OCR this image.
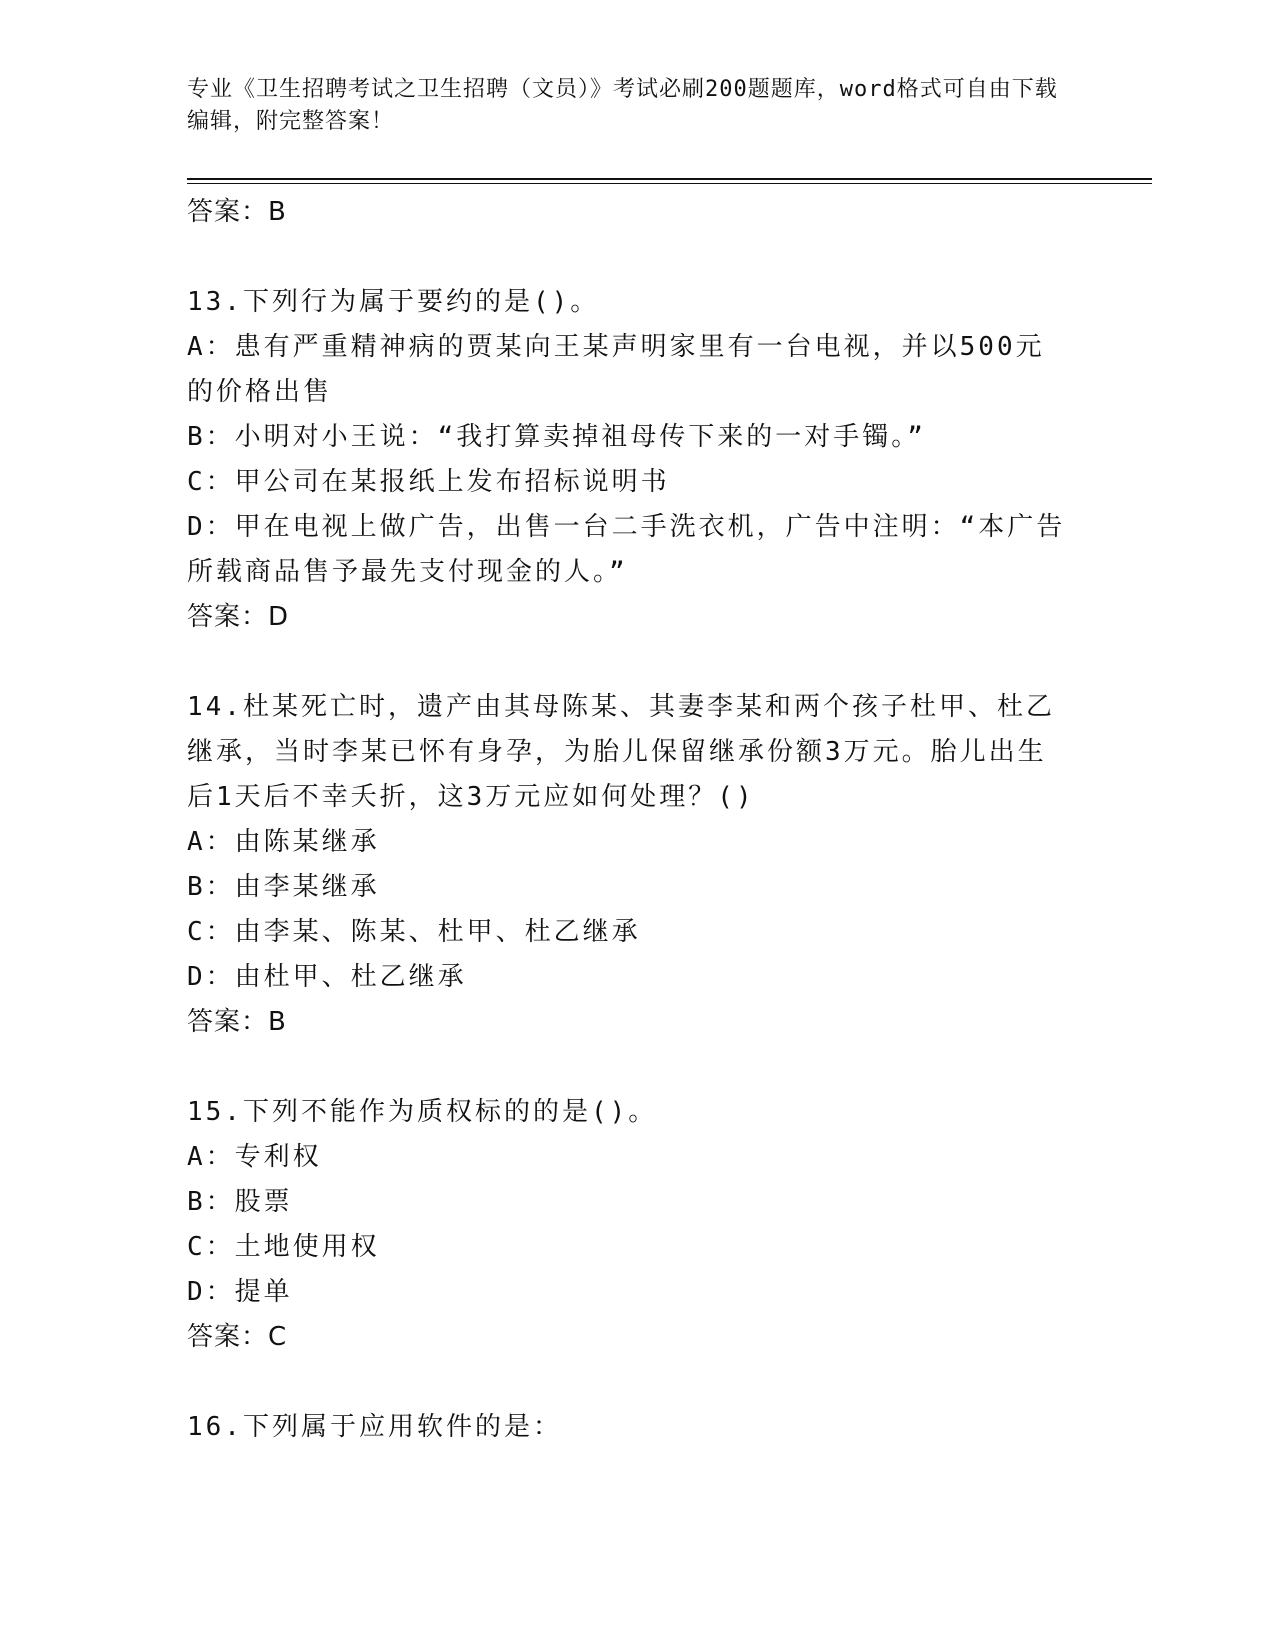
专业《卫生招聘考试之卫生招聘（文员）》考试必刷200题题库，word格式可自由下载编辑，附完整答案！
答案：B
13.下列行为属于要约的是()。
A：患有严重精神病的贾某向王某声明家里有一台电视，并以500元的价格出售
B：小明对小王说：“我打算卖掉祖母传下来的一对手镯。”
C：甲公司在某报纸上发布招标说明书
D：甲在电视上做广告，出售一台二手洗衣机，广告中注明：“本广告所载商品售予最先支付现金的人。”
答案：D
14.杜某死亡时，遗产由其母陈某、其妻李某和两个孩子杜甲、杜乙继承，当时李某已怀有身孕，为胎儿保留继承份额3万元。胎儿出生后1天后不幸夭折，这3万元应如何处理？()
A：由陈某继承
B：由李某继承
C：由李某、陈某、杜甲、杜乙继承
D：由杜甲、杜乙继承
答案：B
15.下列不能作为质权标的的是()。
A：专利权
B：股票
C：土地使用权
D：提单
答案：C
16.下列属于应用软件的是：
